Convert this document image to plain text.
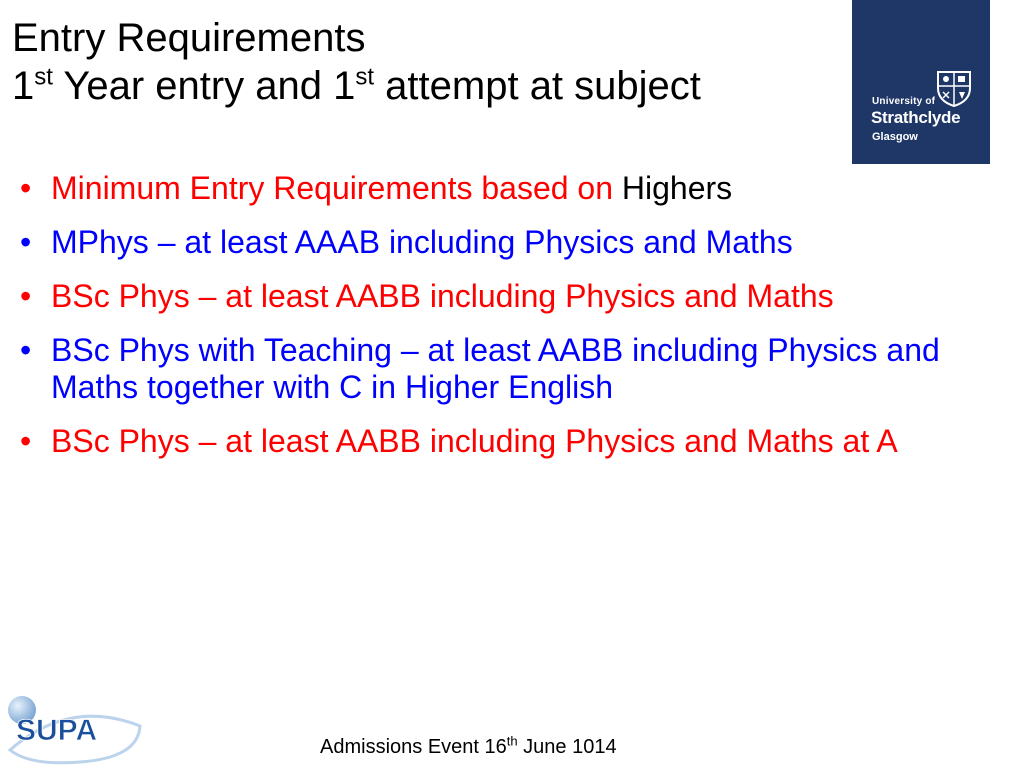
Entry Requirements
1st Year entry and 1st attempt at subject	University of
Strathclyde
Glasgow
• Minimum Entry Requirements based on Highers
• MPhys – at least AAAB including Physics and Maths
• BSc Phys – at least AABB including Physics and Maths
• BSc Phys with Teaching – at least AABB including Physics and Maths together with C in Higher English
• BSc Phys – at least AABB including Physics and Maths at A
SUPA	Admissions Event 16th June 1014
